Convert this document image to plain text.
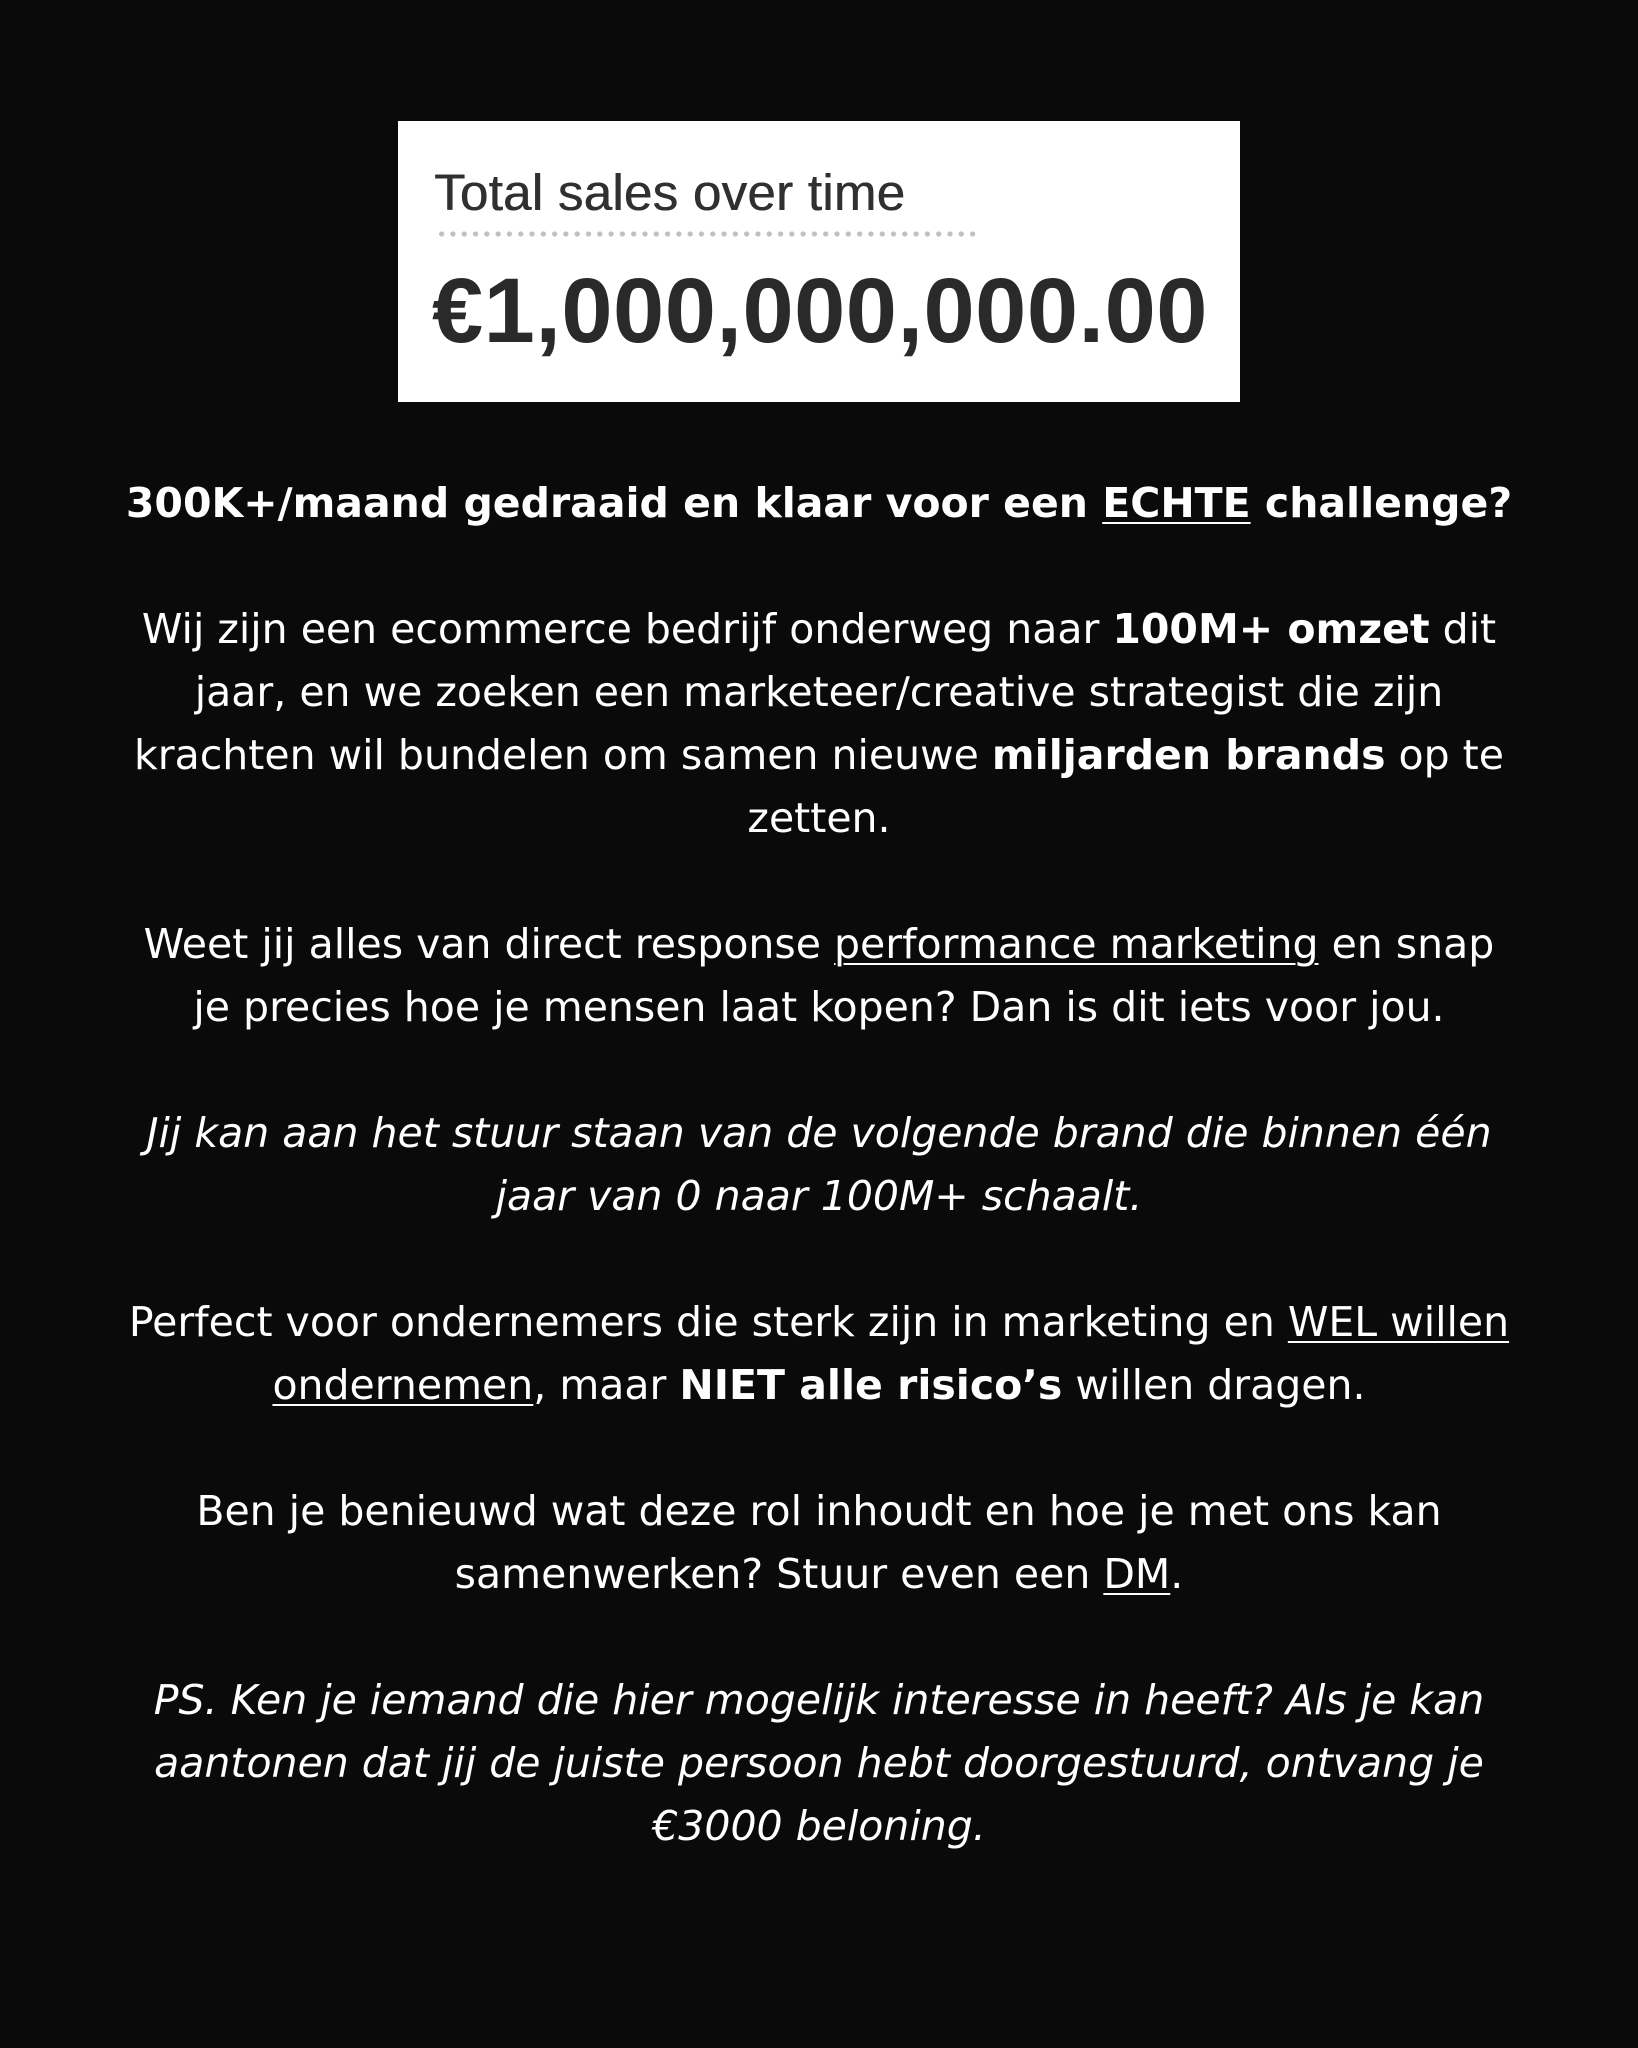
Total sales over time
€1,000,000,000.00

300K+/maand gedraaid en klaar voor een ECHTE challenge?

Wij zijn een ecommerce bedrijf onderweg naar 100M+ omzet dit jaar, en we zoeken een marketeer/creative strategist die zijn krachten wil bundelen om samen nieuwe miljarden brands op te zetten.

Weet jij alles van direct response performance marketing en snap je precies hoe je mensen laat kopen? Dan is dit iets voor jou.

Jij kan aan het stuur staan van de volgende brand die binnen één jaar van 0 naar 100M+ schaalt.

Perfect voor ondernemers die sterk zijn in marketing en WEL willen ondernemen, maar NIET alle risico’s willen dragen.

Ben je benieuwd wat deze rol inhoudt en hoe je met ons kan samenwerken? Stuur even een DM.

PS. Ken je iemand die hier mogelijk interesse in heeft? Als je kan aantonen dat jij de juiste persoon hebt doorgestuurd, ontvang je €3000 beloning.
